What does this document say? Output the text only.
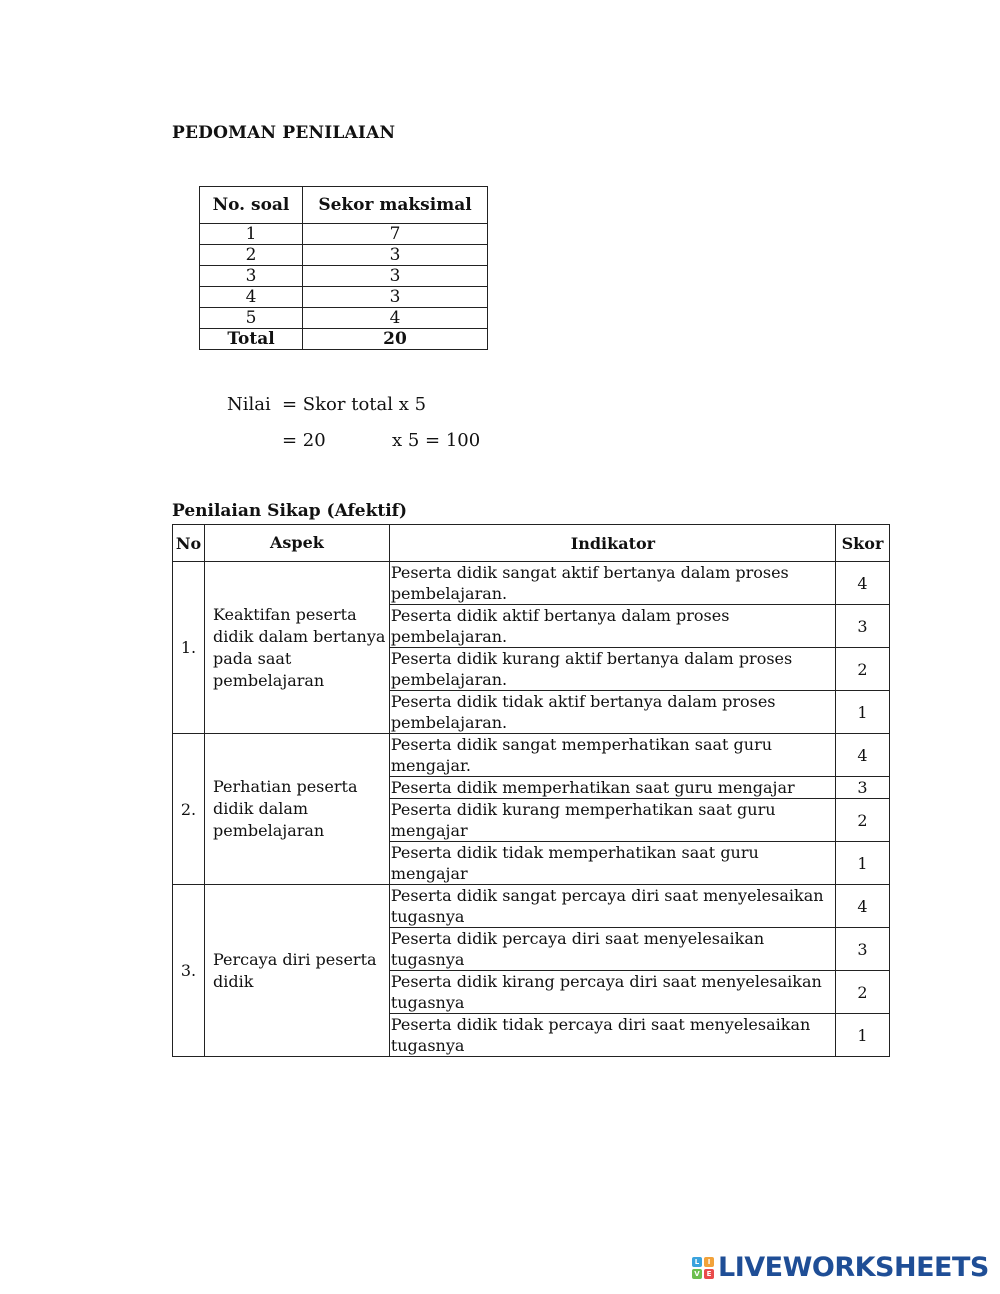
PEDOMAN PENILAIAN
No. soal	Sekor maksimal
1	7
2	3
3	3
4	3
5	4
Total	20
Nilai = Skor total x 5
= 20	x 5 = 100
Penilaian Sikap (Afektif)
No	Aspek	Indikator	Skor
1.	Keaktifan peserta didik dalam bertanya pada saat pembelajaran	Peserta didik sangat aktif bertanya dalam proses pembelajaran.	4
		Peserta didik aktif bertanya dalam proses pembelajaran.	3
		Peserta didik kurang aktif bertanya dalam proses pembelajaran.	2
		Peserta didik tidak aktif bertanya dalam proses pembelajaran.	1
2.	Perhatian peserta didik dalam pembelajaran	Peserta didik sangat memperhatikan saat guru mengajar.	4
		Peserta didik memperhatikan saat guru mengajar	3
		Peserta didik kurang memperhatikan saat guru mengajar	2
		Peserta didik tidak memperhatikan saat guru mengajar	1
3.	Percaya diri peserta didik	Peserta didik sangat percaya diri saat menyelesaikan tugasnya	4
		Peserta didik percaya diri saat menyelesaikan tugasnya	3
		Peserta didik kirang percaya diri saat menyelesaikan tugasnya	2
		Peserta didik tidak percaya diri saat menyelesaikan tugasnya	1
L	I
V E LIVEWORKSHEETS
